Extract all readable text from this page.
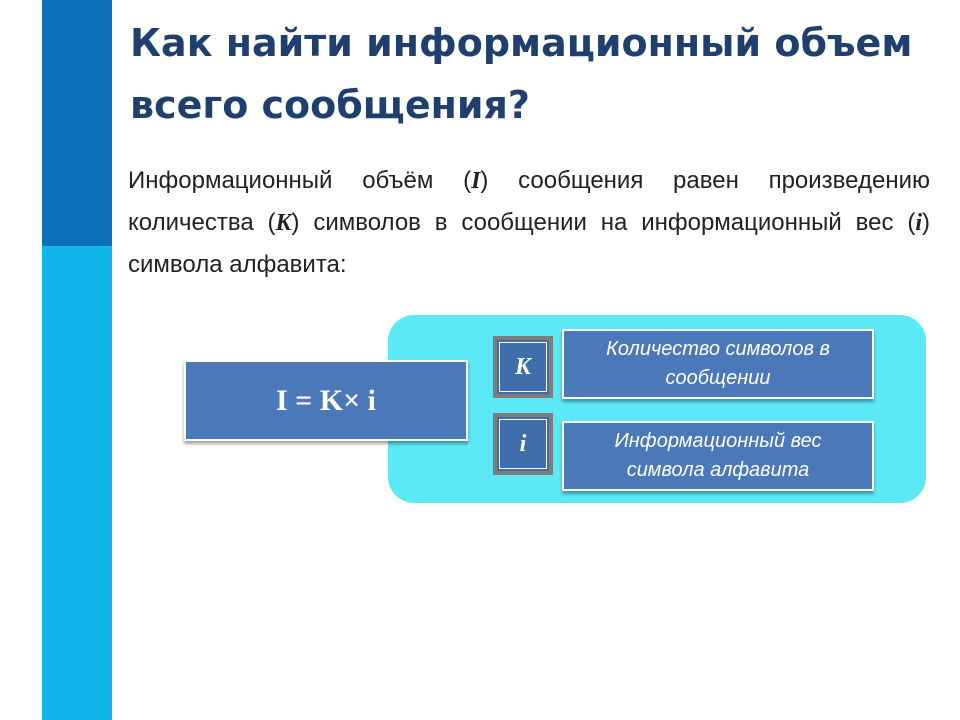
Как найти информационный объем всего сообщения?

Информационный объём (I) сообщения равен произведению количества (K) символов в сообщении на информационный вес (i) символа алфавита:

I = K× i
K
i
Количество символов в сообщении
Информационный вес символа алфавита
